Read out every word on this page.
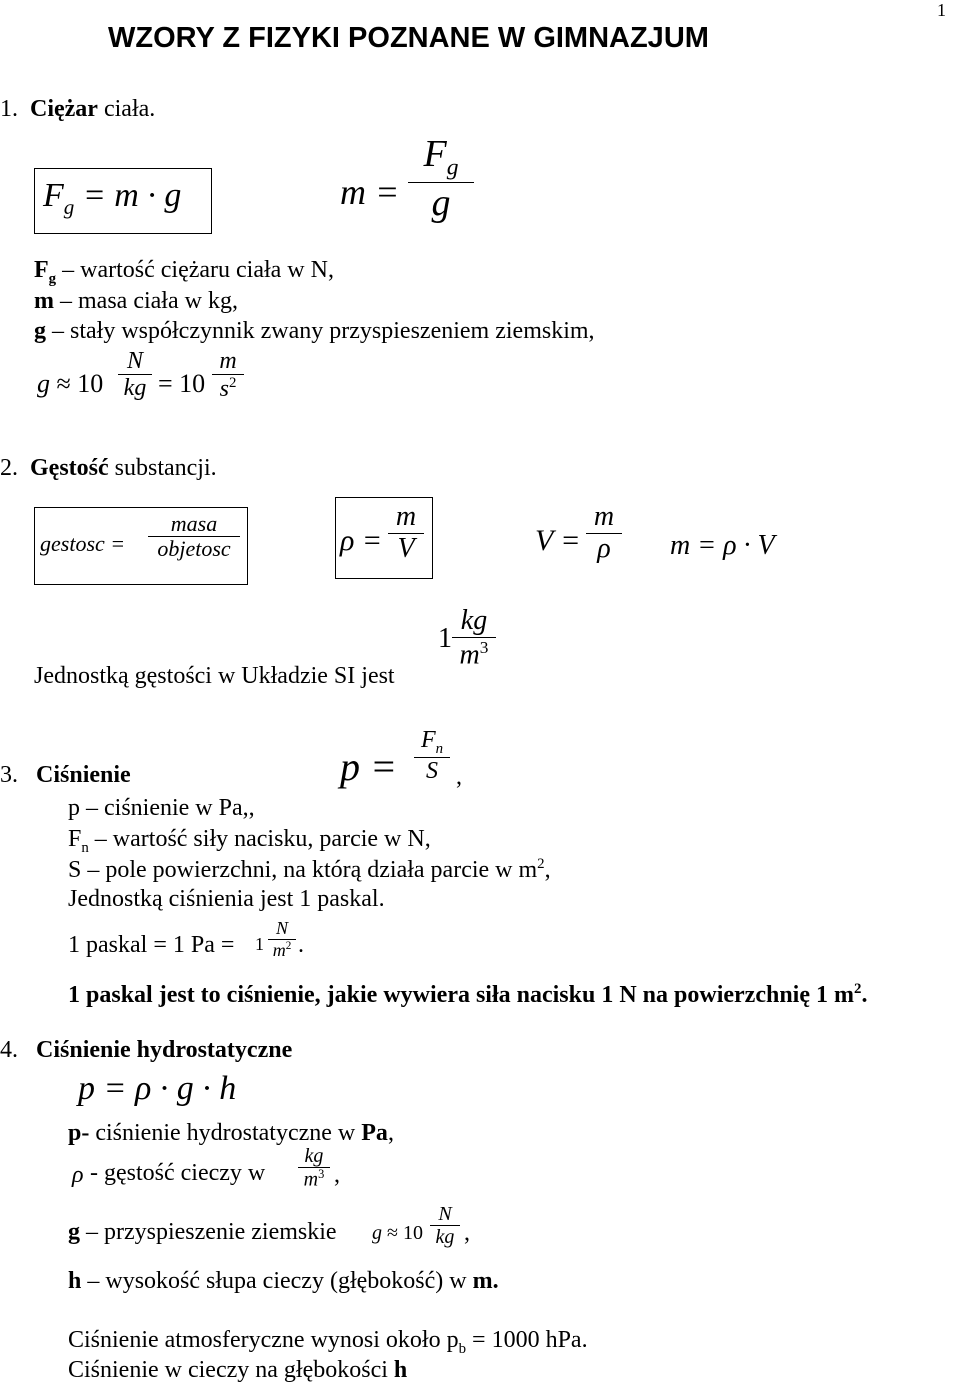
1
WZORY Z FIZYKI POZNANE W GIMNAZJUM
1. Ciężar ciała.
$F_g = m \cdot g$	m =
$F_g$
g
$F_g$ – wartość ciężaru ciała w N,
m – masa ciała w kg,
g – stały współczynnik zwany przyspieszeniem ziemskim,
g ≈ 10
N
kg = 10
m
$s^2$
2. Gęstość substancji.
gestosc =
masa
objetosc	ρ =
m
V	V =
m
ρ m = ρ · V
Jednostką gęstości w Układzie SI jest
1
kg
$m^3$
3. Ciśnienie	p =
$F_n$
S ,
p – ciśnienie w Pa,,
$F_n$ – wartość siły nacisku, parcie w N,
S – pole powierzchni, na którą działa parcie w $m^2$,
Jednostką ciśnienia jest 1 paskal.
1 paskal = 1 Pa = 1
N
$m^2$ .
1 paskal jest to ciśnienie, jakie wywiera siła nacisku 1 N na powierzchnię 1 $m^2$.
4. Ciśnienie hydrostatyczne
p = ρ · g · h
p- ciśnienie hydrostatyczne w Pa,
ρ - gęstość cieczy w
kg
$m^3$ ,
g – przyspieszenie ziemskie g ≈ 10
N
kg ,
h – wysokość słupa cieczy (głębokość) w m.
Ciśnienie atmosferyczne wynosi około $p_b = 1000$ hPa.
Ciśnienie w cieczy na głębokości h
